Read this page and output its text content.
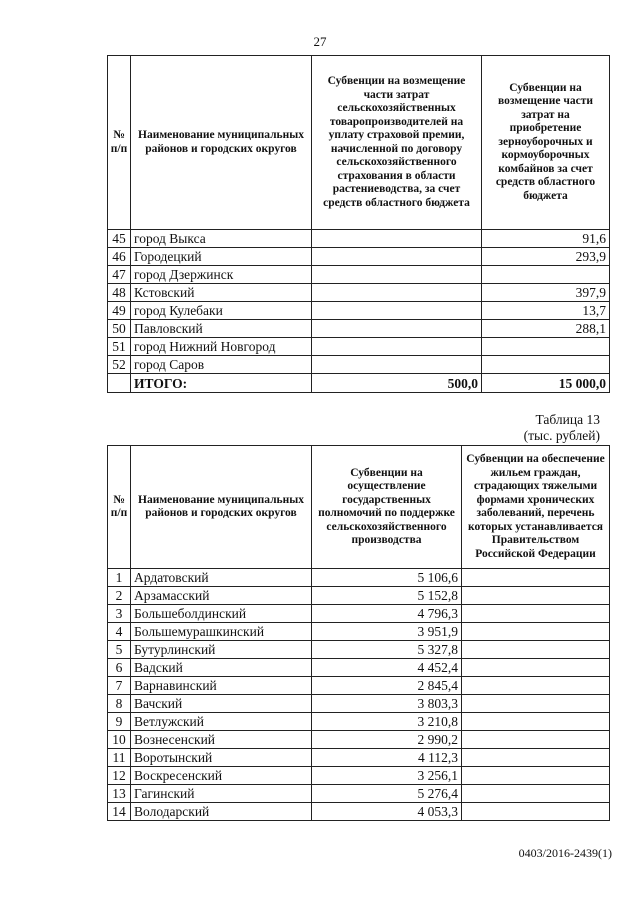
27
№ п/п	Наименование муниципальных районов и городских округов	Субвенции на возмещение части затрат сельскохозяйственных товаропроизводителей на уплату страховой премии, начисленной по договору сельскохозяйственного страхования в области растениеводства, за счет средств областного бюджета	Субвенции на возмещение части затрат на приобретение зерноуборочных и кормоуборочных комбайнов за счет средств областного бюджета
45	город Выкса		91,6
46	Городецкий		293,9
47	город Дзержинск		
48	Кстовский		397,9
49	город Кулебаки		13,7
50	Павловский		288,1
51	город Нижний Новгород		
52	город Саров		
	ИТОГО:	500,0	15 000,0
Таблица 13
(тыс. рублей)
№ п/п	Наименование муниципальных районов и городских округов	Субвенции на осуществление государственных полномочий по поддержке сельскохозяйственного производства	Субвенции на обеспечение жильем граждан, страдающих тяжелыми формами хронических заболеваний, перечень которых устанавливается Правительством Российской Федерации
1	Ардатовский	5 106,6	
2	Арзамасский	5 152,8	
3	Большеболдинский	4 796,3	
4	Большемурашкинский	3 951,9	
5	Бутурлинский	5 327,8	
6	Вадский	4 452,4	
7	Варнавинский	2 845,4	
8	Вачский	3 803,3	
9	Ветлужский	3 210,8	
10	Вознесенский	2 990,2	
11	Воротынский	4 112,3	
12	Воскресенский	3 256,1	
13	Гагинский	5 276,4	
14	Володарский	4 053,3	
0403/2016-2439(1)
